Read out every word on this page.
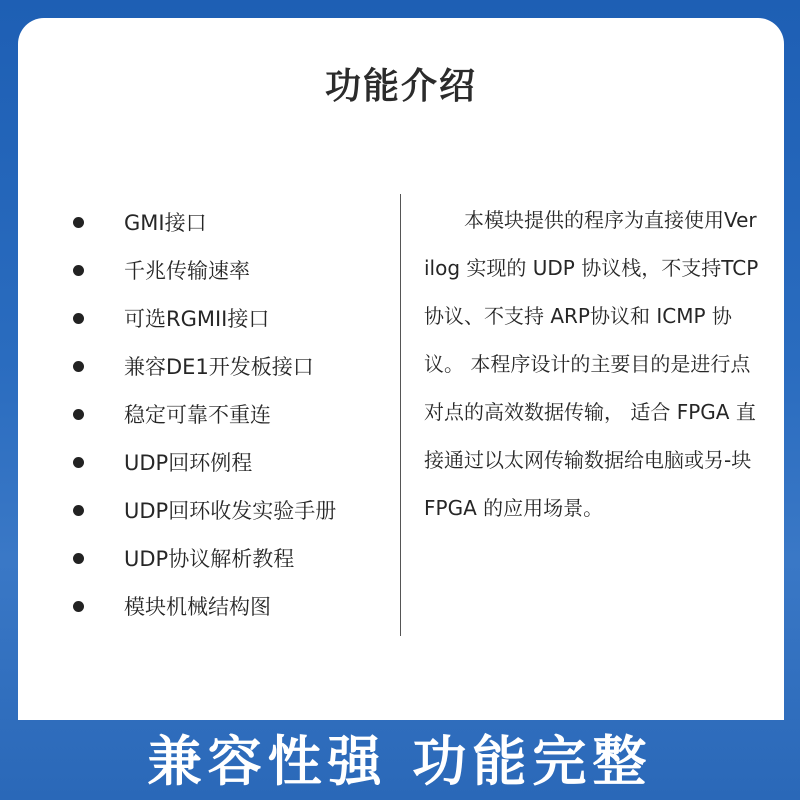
功能介绍
GMI接口
千兆传输速率
可选RGMII接口
兼容DE1开发板接口
稳定可靠不重连
UDP回环例程
UDP回环收发实验手册
UDP协议解析教程
模块机械结构图

本模块提供的程序为直接使用Verilog 实现的 UDP 协议栈，不支持TCP 协议、不支持 ARP协议和 ICMP 协议。 本程序设计的主要目的是进行点对点的高效数据传输， 适合 FPGA 直接通过以太网传输数据给电脑或另-块FPGA 的应用场景。

兼容性强 功能完整
